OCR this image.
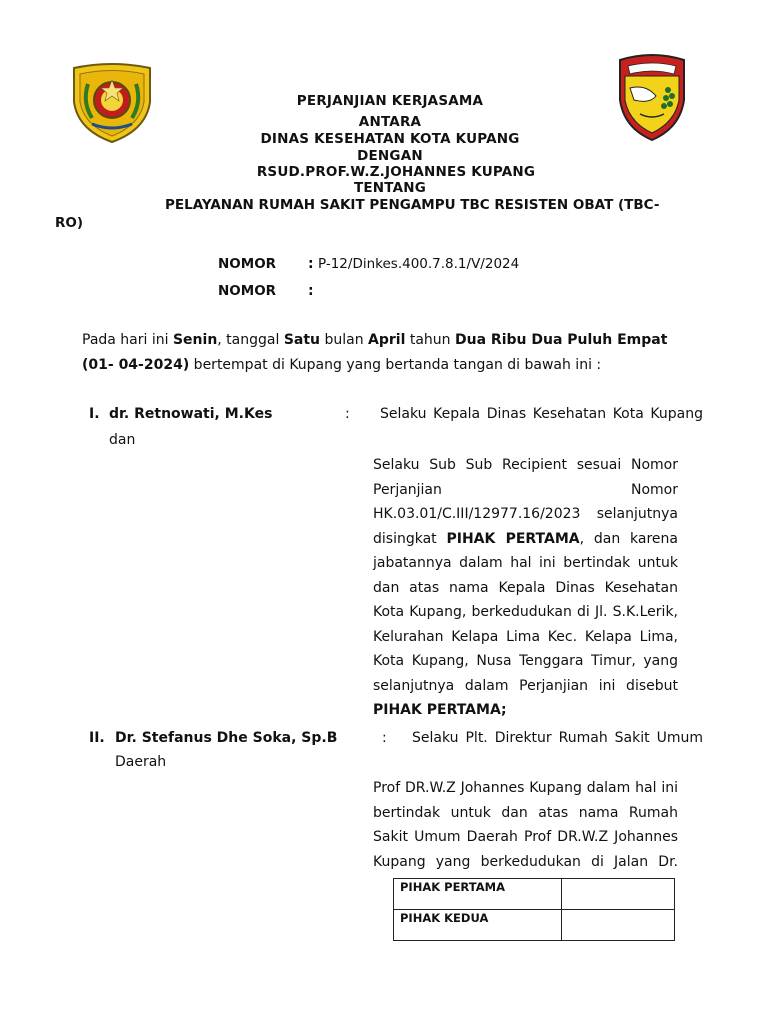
PERJANJIAN KERJASAMA
ANTARA
DINAS KESEHATAN KOTA KUPANG
DENGAN
RSUD.PROF.W.Z.JOHANNES KUPANG
TENTANG
PELAYANAN RUMAH SAKIT PENGAMPU TBC RESISTEN OBAT (TBC-
RO)
NOMOR : P-12/Dinkes.400.7.8.1/V/2024
NOMOR :
Pada hari ini Senin, tanggal Satu bulan April tahun Dua Ribu Dua Puluh Empat
(01- 04-2024) bertempat di Kupang yang bertanda tangan di bawah ini :
I. dr. Retnowati, M.Kes	: Selaku Kepala Dinas Kesehatan Kota Kupang
dan
Selaku Sub Sub Recipient sesuai Nomor
Perjanjian Nomor
HK.03.01/C.III/12977.16/2023 selanjutnya
disingkat PIHAK PERTAMA, dan karena
jabatannya dalam hal ini bertindak untuk
dan atas nama Kepala Dinas Kesehatan
Kota Kupang, berkedudukan di Jl. S.K.Lerik,
Kelurahan Kelapa Lima Kec. Kelapa Lima,
Kota Kupang, Nusa Tenggara Timur, yang
selanjutnya dalam Perjanjian ini disebut
PIHAK PERTAMA;
II. Dr. Stefanus Dhe Soka, Sp.B	: Selaku Plt. Direktur Rumah Sakit Umum
Daerah
Prof DR.W.Z Johannes Kupang dalam hal ini
bertindak untuk dan atas nama Rumah
Sakit Umum Daerah Prof DR.W.Z Johannes
Kupang yang berkedudukan di Jalan Dr.
PIHAK PERTAMA	
PIHAK KEDUA	
